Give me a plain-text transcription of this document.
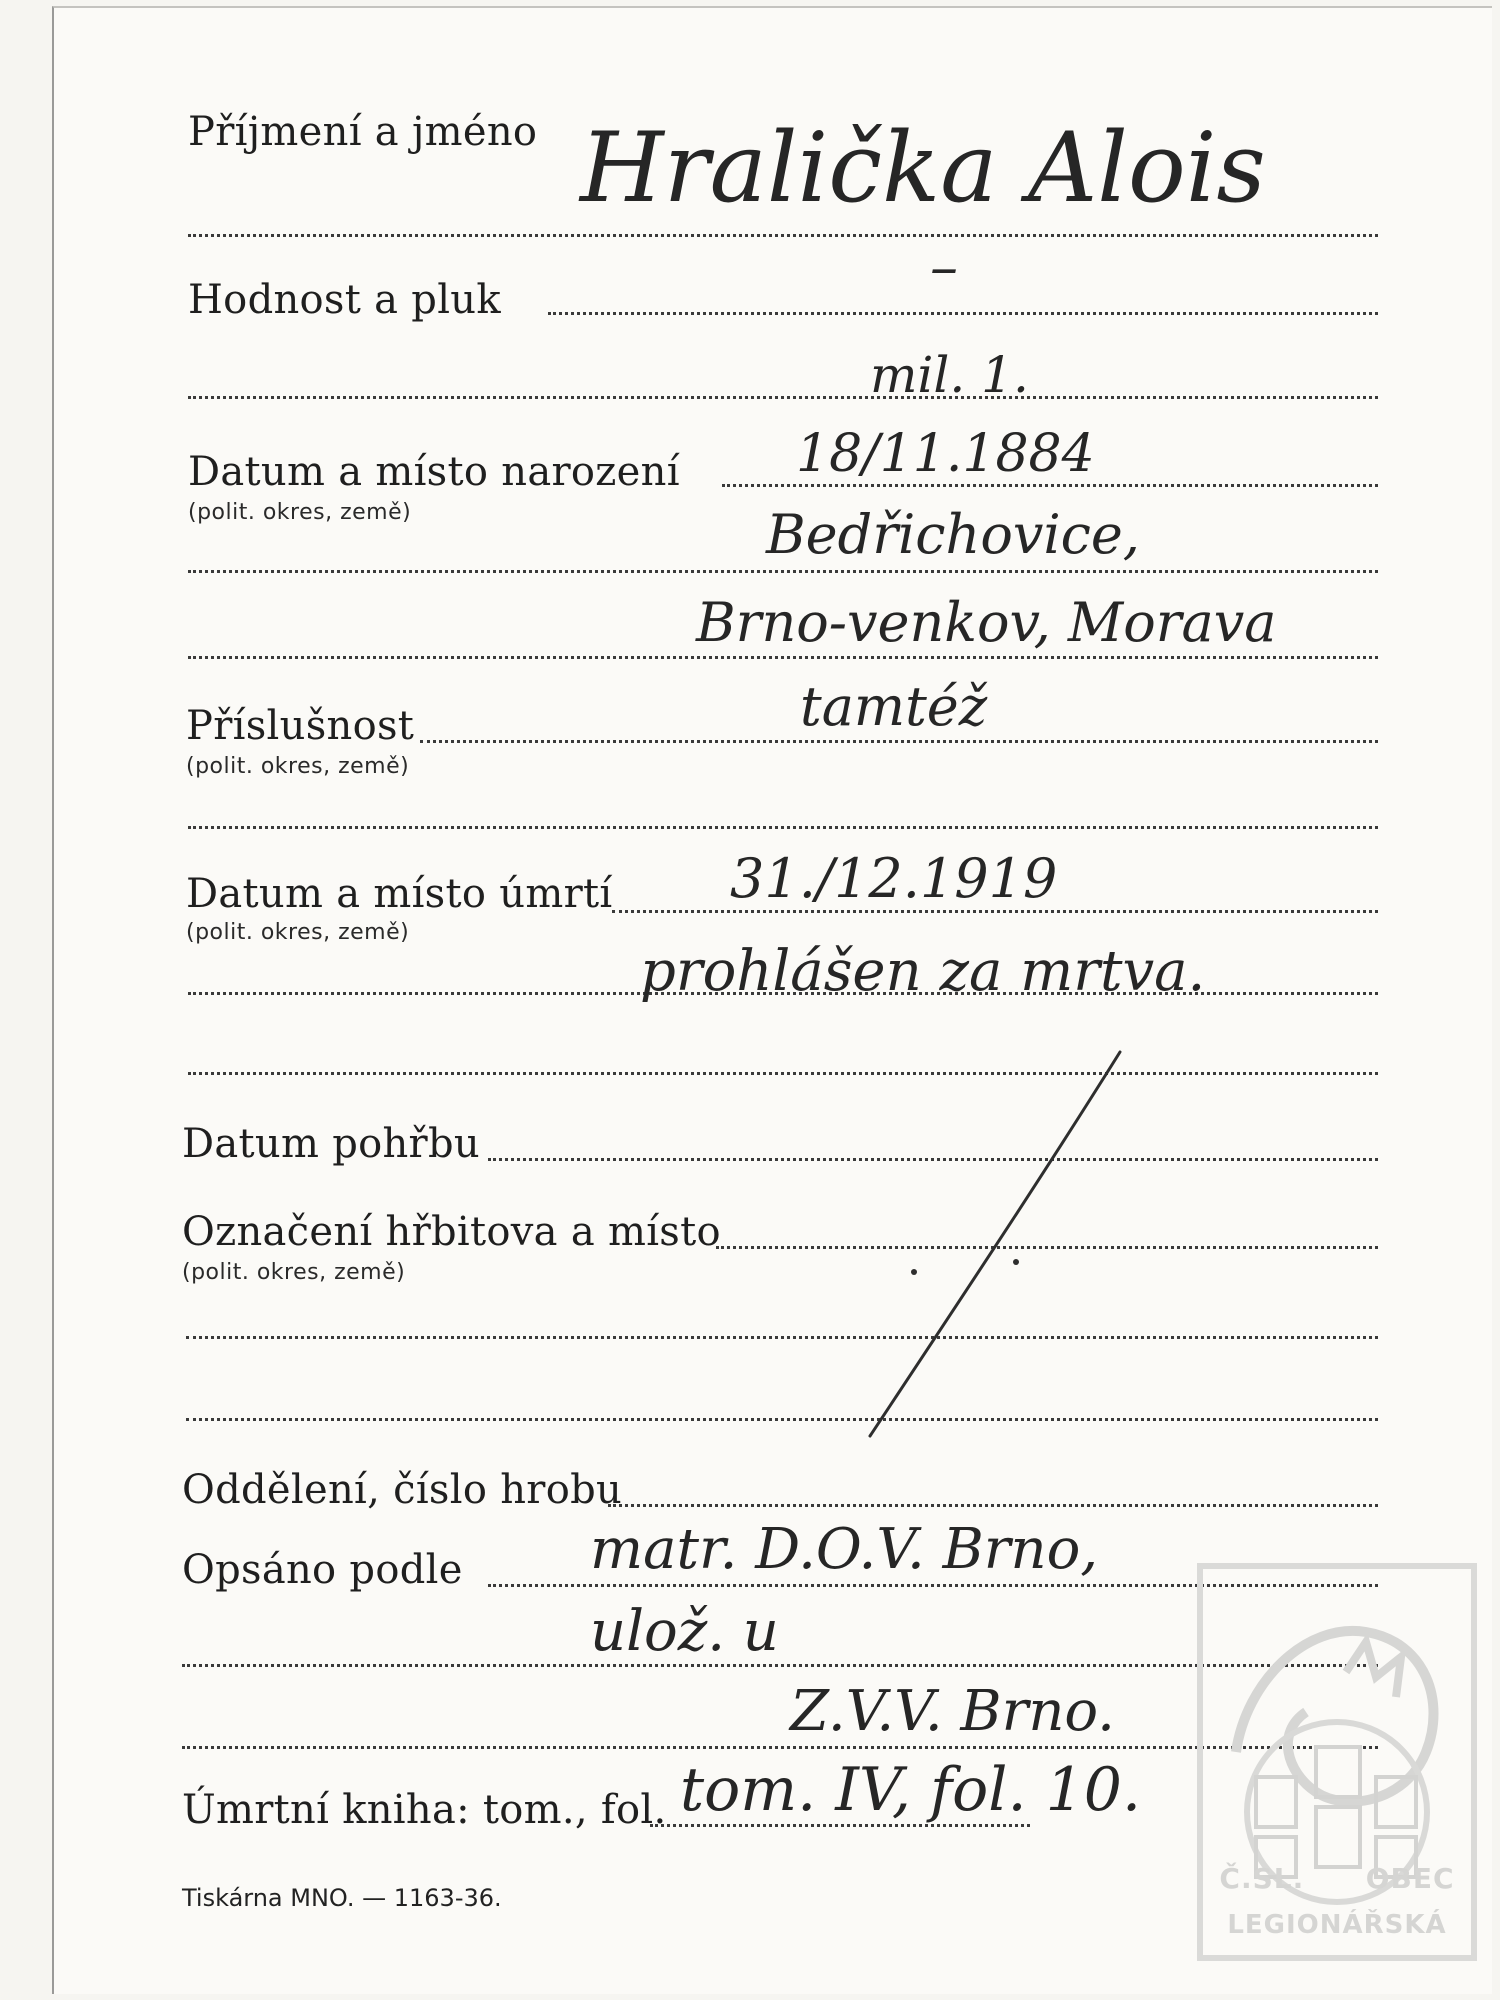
Příjmení a jméno Hralička Alois
Hodnost a pluk	–
mil. 1.
Datum a místo narození
(polit. okres, země)
18/11.1884
Bedřichovice,
Brno-venkov, Morava
Příslušnost
(polit. okres, země)
tamtéž
Datum a místo úmrtí
(polit. okres, země)
31./12.1919
prohlášen za mrtva.
Datum pohřbu
Označení hřbitova a místo
(polit. okres, země)
Oddělení, číslo hrobu
Opsáno podle matr. D.O.V. Brno,
ulož. u
Z.V.V. Brno.
Úmrtní kniha: tom., fol. tom. IV, fol. 10.
Tiskárna MNO. — 1163-36.
Č.SL. OBEC
LEGIONÁŘSKÁ
